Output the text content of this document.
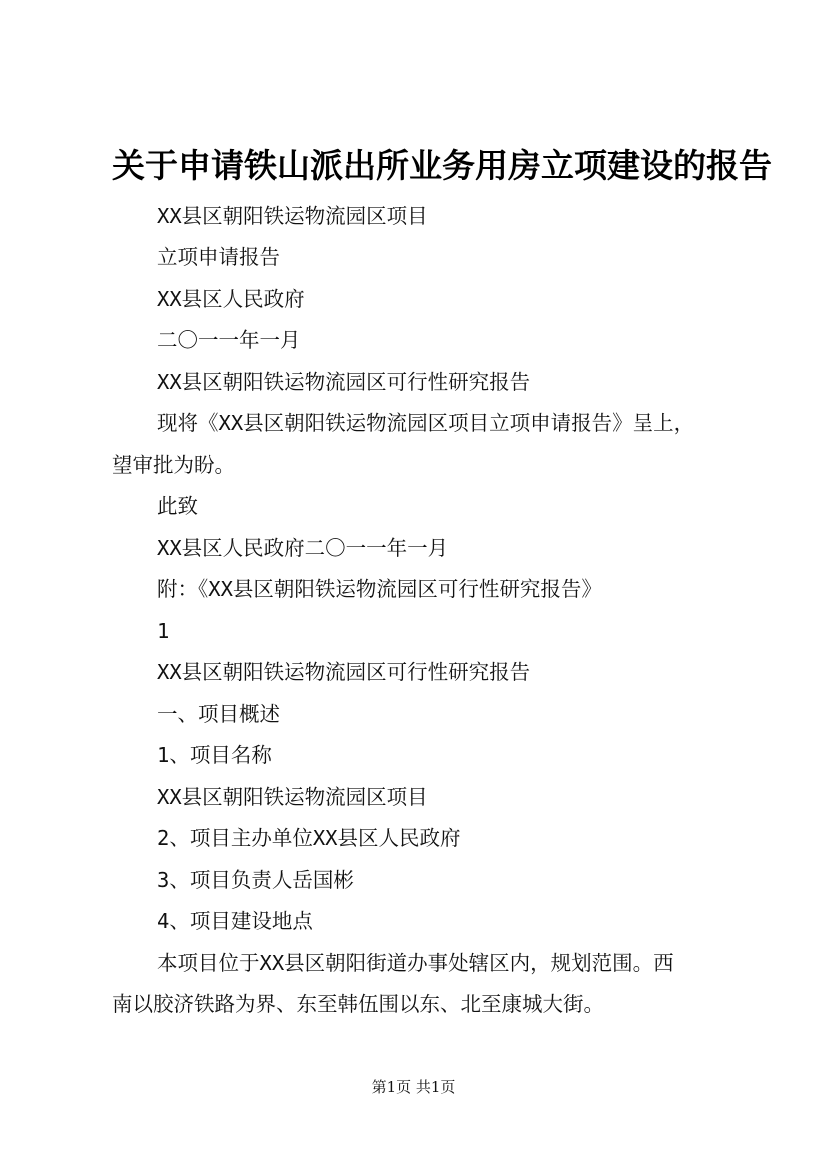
关于申请铁山派出所业务用房立项建设的报告
XX县区朝阳铁运物流园区项目
立项申请报告
XX县区人民政府
二〇一一年一月
XX县区朝阳铁运物流园区可行性研究报告
现将《XX县区朝阳铁运物流园区项目立项申请报告》呈上，
望审批为盼。
此致
XX县区人民政府二〇一一年一月
附：《XX县区朝阳铁运物流园区可行性研究报告》
1
XX县区朝阳铁运物流园区可行性研究报告
一、项目概述
1、项目名称
XX县区朝阳铁运物流园区项目
2、项目主办单位XX县区人民政府
3、项目负责人岳国彬
4、项目建设地点
本项目位于XX县区朝阳街道办事处辖区内，规划范围。西
南以胶济铁路为界、东至韩伍围以东、北至康城大街。
第1页 共1页
